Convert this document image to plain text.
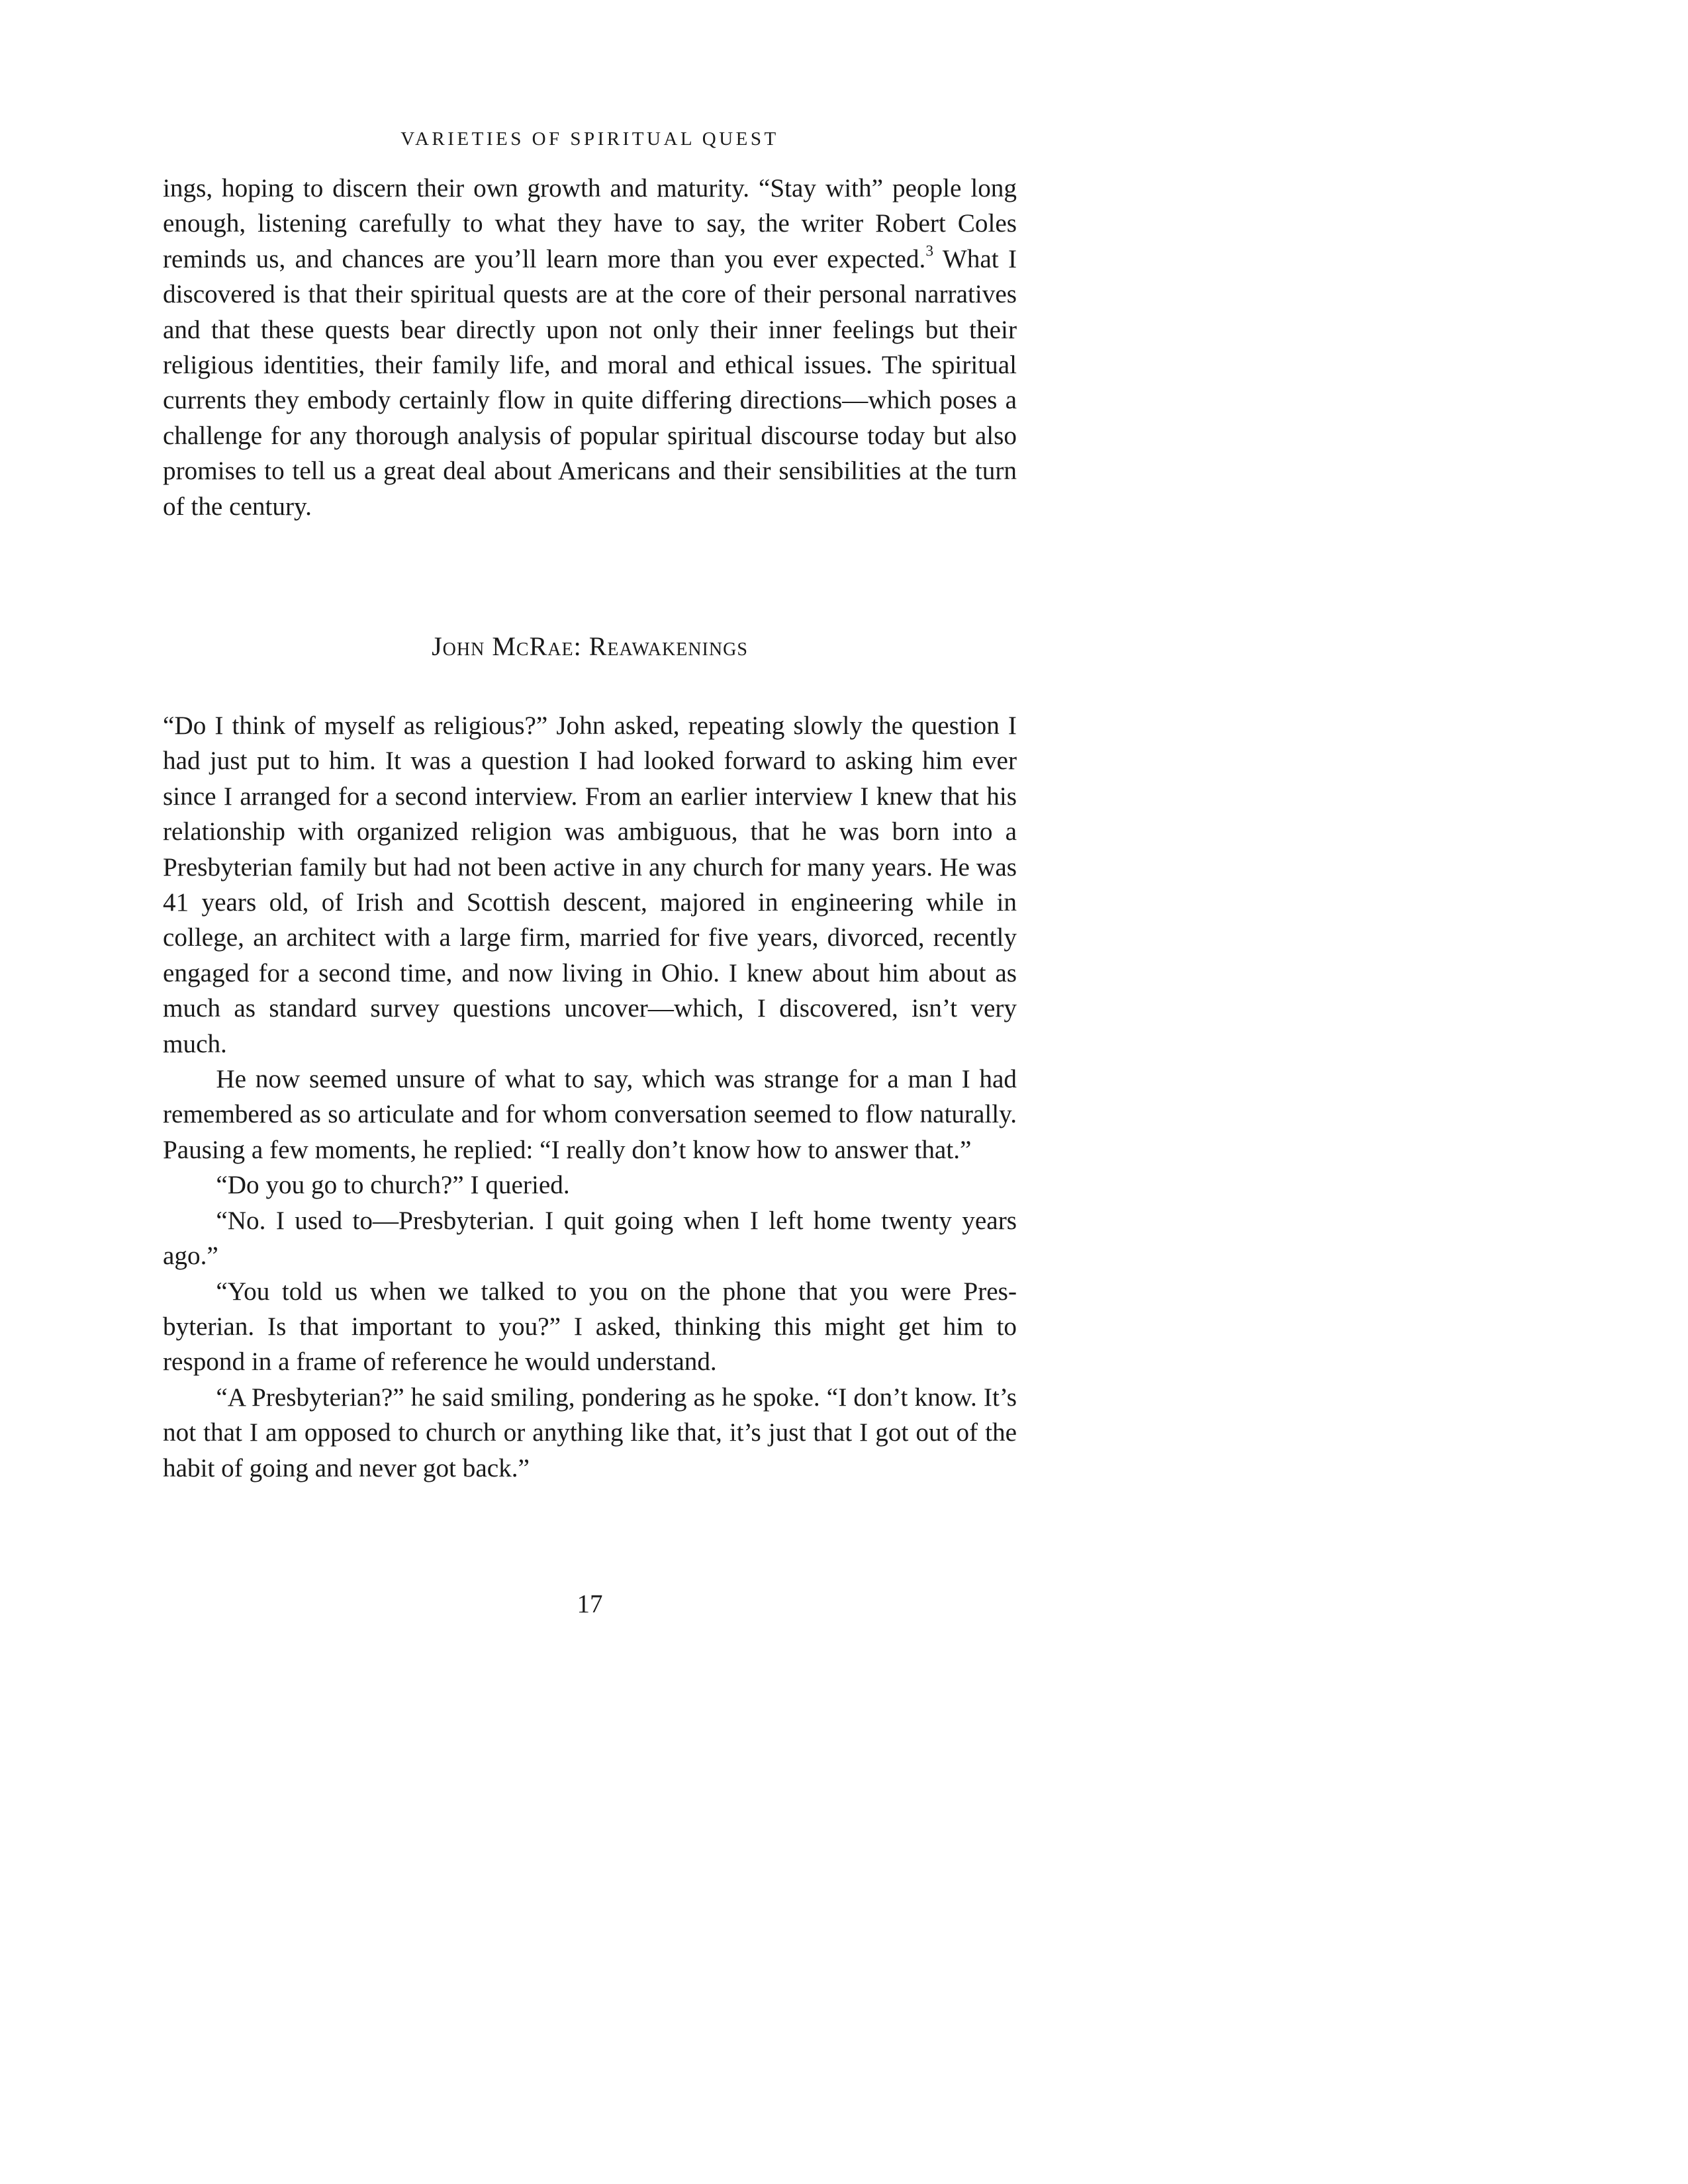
VARIETIES OF SPIRITUAL QUEST

ings, hoping to discern their own growth and maturity. “Stay with” people long enough, listening carefully to what they have to say, the writer Robert Coles reminds us, and chances are you’ll learn more than you ever expected.$^3$ What I discovered is that their spiritual quests are at the core of their personal narratives and that these quests bear directly upon not only their inner feelings but their religious identities, their family life, and moral and ethical issues. The spiritual currents they embody certainly flow in quite differing directions—which poses a challenge for any thorough analysis of popular spiritual discourse today but also promises to tell us a great deal about Americans and their sensibilities at the turn of the century.

John McRae: Reawakenings

“Do I think of myself as religious?” John asked, repeating slowly the question I had just put to him. It was a question I had looked forward to asking him ever since I arranged for a second interview. From an earlier interview I knew that his relationship with organized religion was ambiguous, that he was born into a Presbyterian family but had not been active in any church for many years. He was 41 years old, of Irish and Scottish descent, majored in engineering while in college, an architect with a large firm, married for five years, divorced, recently engaged for a second time, and now living in Ohio. I knew about him about as much as standard survey questions uncover—which, I discovered, isn’t very much.

He now seemed unsure of what to say, which was strange for a man I had remembered as so articulate and for whom conversation seemed to flow naturally. Pausing a few moments, he replied: “I really don’t know how to answer that.”

“Do you go to church?” I queried.

“No. I used to—Presbyterian. I quit going when I left home twenty years ago.”

“You told us when we talked to you on the phone that you were Presbyterian. Is that important to you?” I asked, thinking this might get him to respond in a frame of reference he would understand.

“A Presbyterian?” he said smiling, pondering as he spoke. “I don’t know. It’s not that I am opposed to church or anything like that, it’s just that I got out of the habit of going and never got back.”

17
